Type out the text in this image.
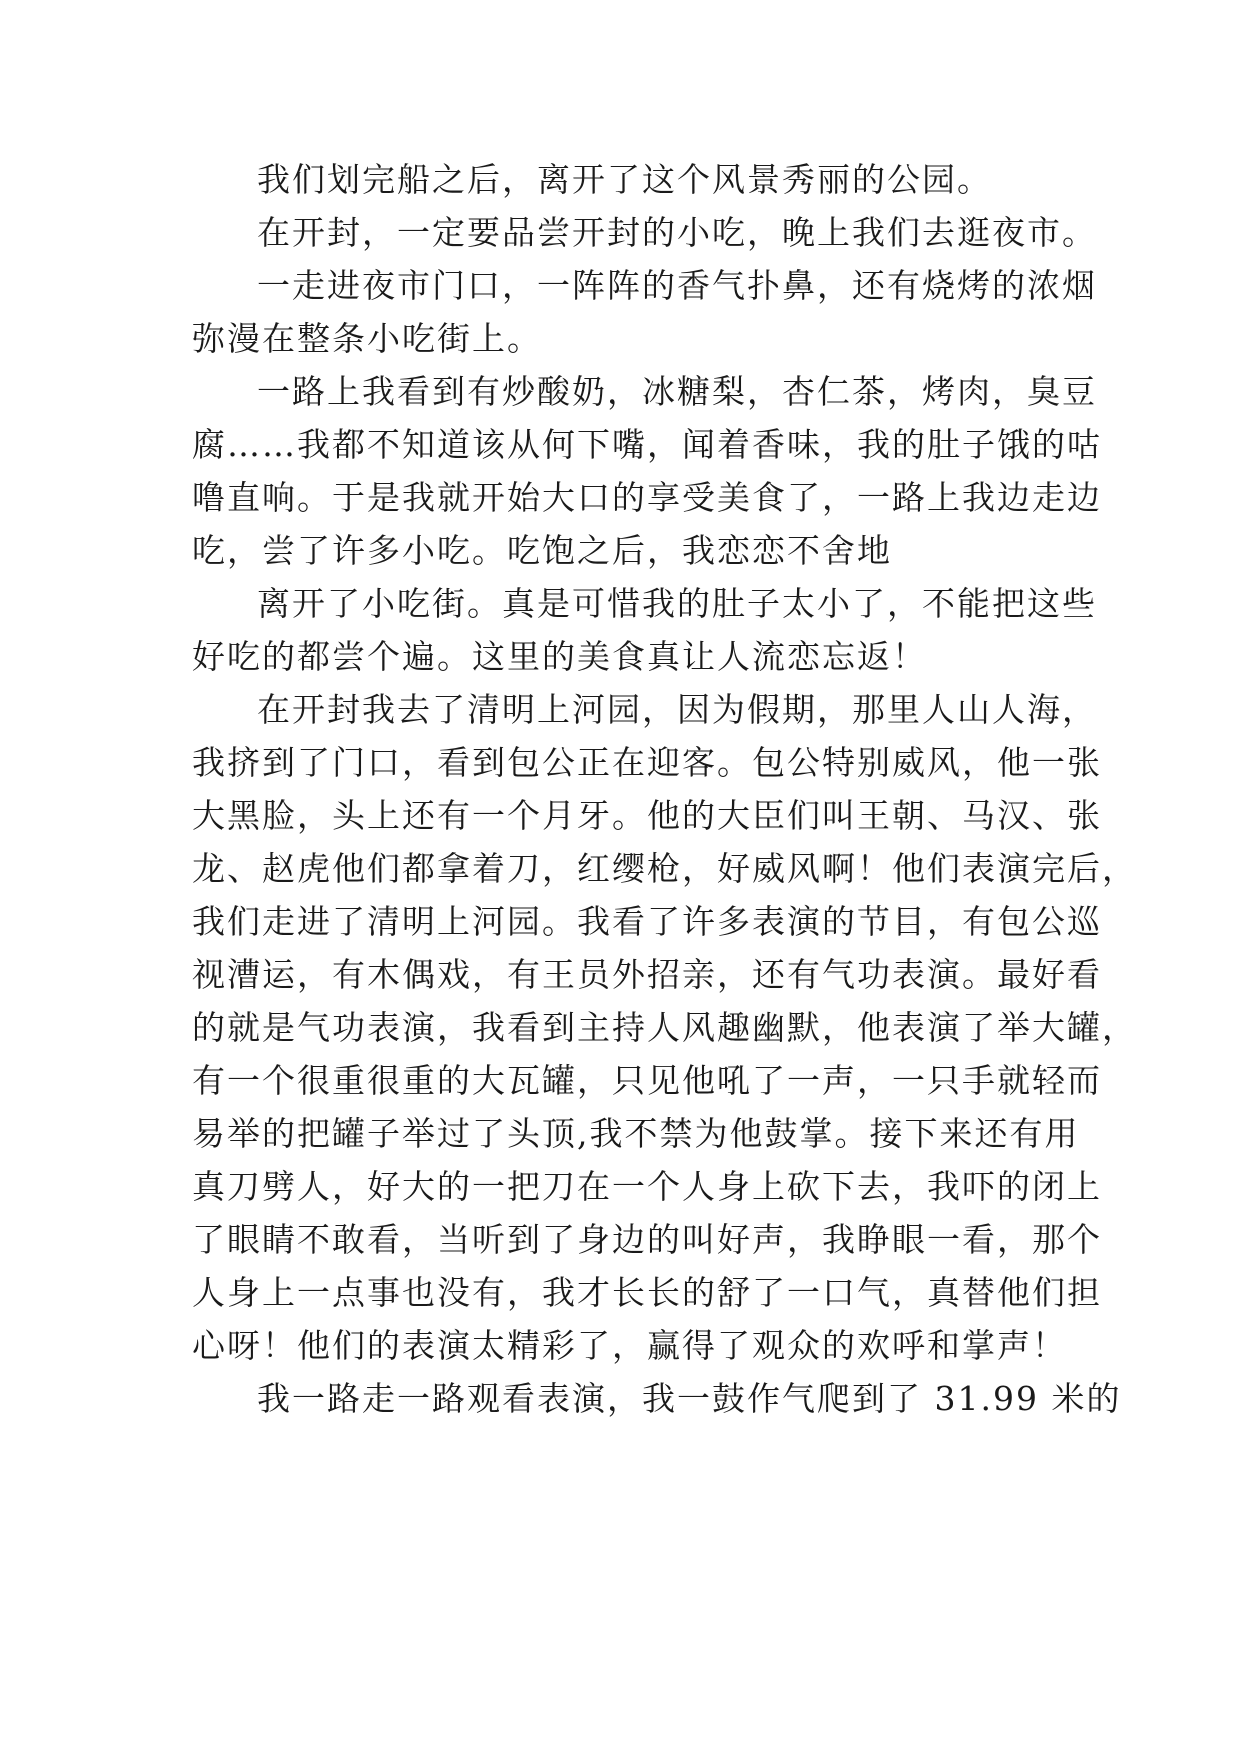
我们划完船之后，离开了这个风景秀丽的公园。
在开封，一定要品尝开封的小吃，晚上我们去逛夜市。
一走进夜市门口，一阵阵的香气扑鼻，还有烧烤的浓烟
弥漫在整条小吃街上。
一路上我看到有炒酸奶，冰糖梨，杏仁茶，烤肉，臭豆
腐……我都不知道该从何下嘴，闻着香味，我的肚子饿的咕
噜直响。于是我就开始大口的享受美食了，一路上我边走边
吃，尝了许多小吃。吃饱之后，我恋恋不舍地
离开了小吃街。真是可惜我的肚子太小了，不能把这些
好吃的都尝个遍。这里的美食真让人流恋忘返！
在开封我去了清明上河园，因为假期，那里人山人海，
我挤到了门口，看到包公正在迎客。包公特别威风，他一张
大黑脸，头上还有一个月牙。他的大臣们叫王朝、马汉、张
龙、赵虎他们都拿着刀，红缨枪，好威风啊！他们表演完后，
我们走进了清明上河园。我看了许多表演的节目，有包公巡
视漕运，有木偶戏，有王员外招亲，还有气功表演。最好看
的就是气功表演，我看到主持人风趣幽默，他表演了举大罐，
有一个很重很重的大瓦罐，只见他吼了一声，一只手就轻而
易举的把罐子举过了头顶,我不禁为他鼓掌。接下来还有用
真刀劈人，好大的一把刀在一个人身上砍下去，我吓的闭上
了眼睛不敢看，当听到了身边的叫好声，我睁眼一看，那个
人身上一点事也没有，我才长长的舒了一口气，真替他们担
心呀！他们的表演太精彩了，赢得了观众的欢呼和掌声！
我一路走一路观看表演，我一鼓作气爬到了 31.99 米的
